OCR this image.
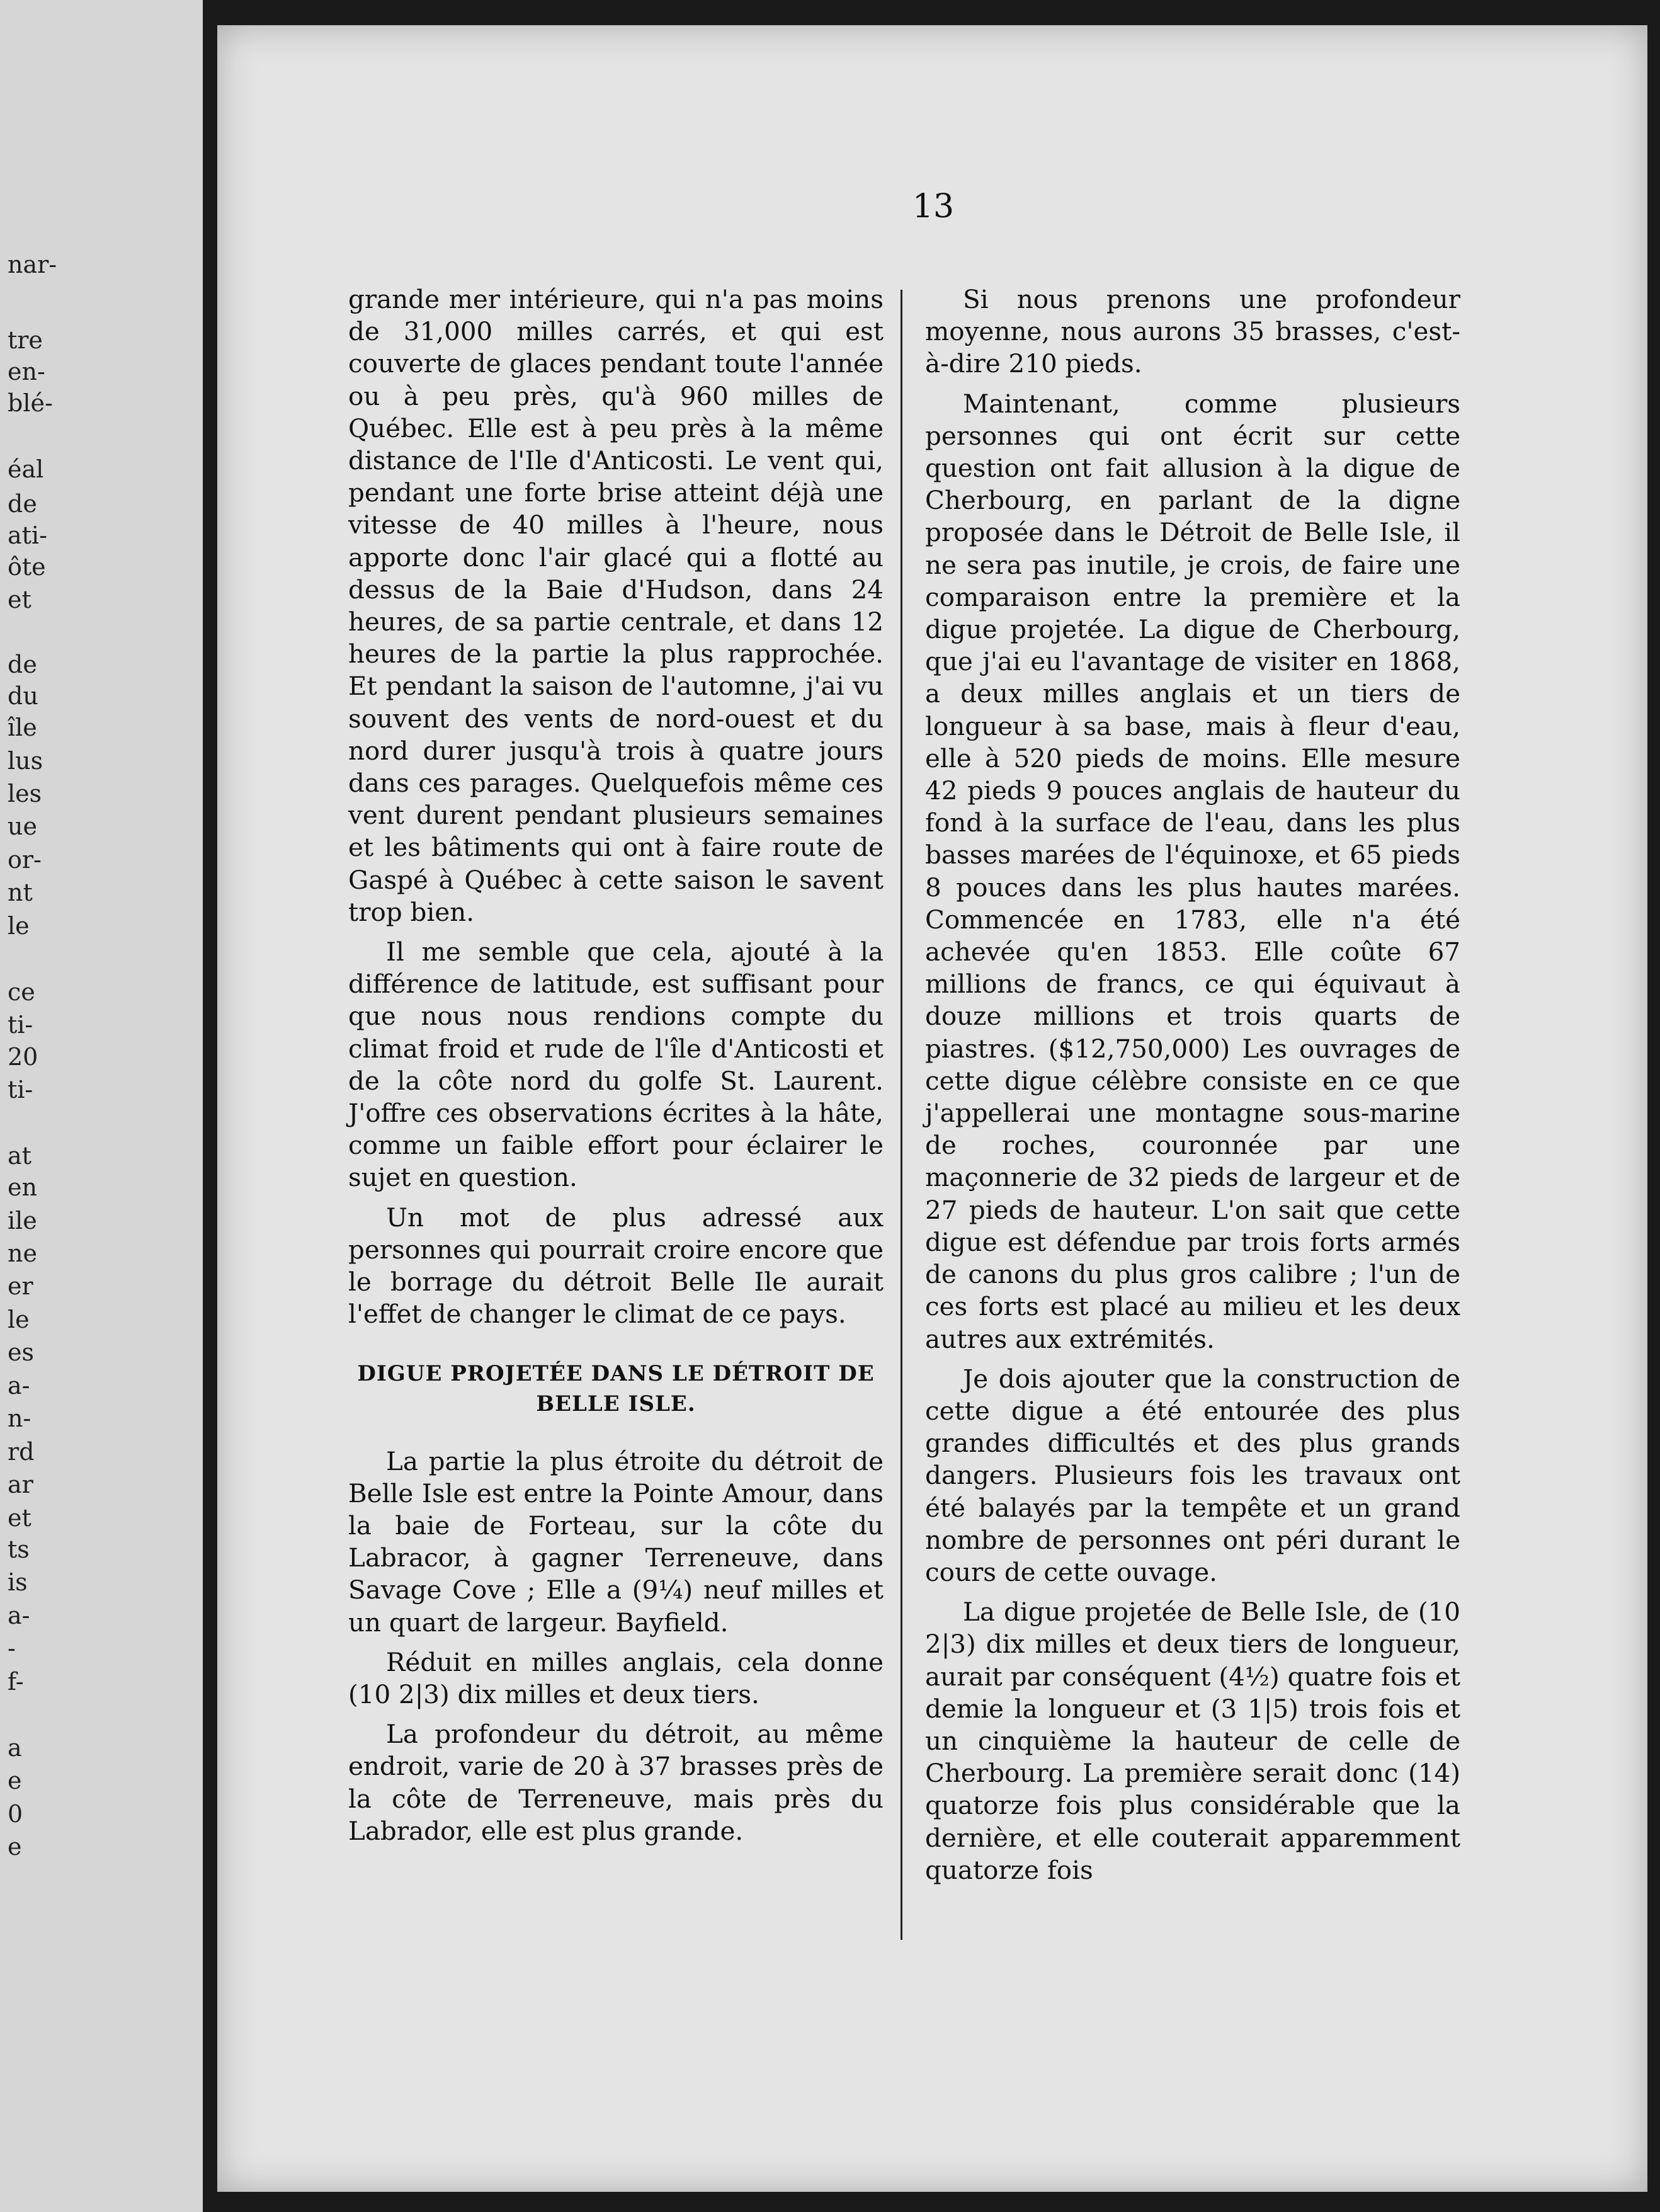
nar-
tre
en-
blé-
éal
de
ati-
ôte
et
de
du
île
lus
les
ue
or-
nt
le
ce
ti-
20
ti-
at
en
ile
ne
er
le
es
a-
n-
rd
ar
et
ts
is
a-
-
f-
a
e
0
e
13

grande mer intérieure, qui n'a pas moins de 31,000 milles carrés, et qui est couverte de glaces pendant toute l'année ou à peu près, qu'à 960 milles de Québec. Elle est à peu près à la même distance de l'Ile d'Anticosti. Le vent qui, pendant une forte brise atteint déjà une vitesse de 40 milles à l'heure, nous apporte donc l'air glacé qui a flotté au dessus de la Baie d'Hudson, dans 24 heures, de sa partie centrale, et dans 12 heures de la partie la plus rapprochée. Et pendant la saison de l'automne, j'ai vu souvent des vents de nord-ouest et du nord durer jusqu'à trois à quatre jours dans ces parages. Quelquefois même ces vent durent pendant plusieurs semaines et les bâtiments qui ont à faire route de Gaspé à Québec à cette saison le savent trop bien.

Il me semble que cela, ajouté à la différence de latitude, est suffisant pour que nous nous rendions compte du climat froid et rude de l'île d'Anticosti et de la côte nord du golfe St. Laurent. J'offre ces observations écrites à la hâte, comme un faible effort pour éclairer le sujet en question.

Un mot de plus adressé aux personnes qui pourrait croire encore que le borrage du détroit Belle Ile aurait l'effet de changer le climat de ce pays.

DIGUE PROJETÉE DANS LE DÉTROIT DE
BELLE ISLE.

La partie la plus étroite du détroit de Belle Isle est entre la Pointe Amour, dans la baie de Forteau, sur la côte du Labracor, à gagner Terreneuve, dans Savage Cove ; Elle a (9¼) neuf milles et un quart de largeur. Bayfield.

Réduit en milles anglais, cela donne (10 2|3) dix milles et deux tiers.

La profondeur du détroit, au même endroit, varie de 20 à 37 brasses près de la côte de Terreneuve, mais près du Labrador, elle est plus grande.

Si nous prenons une profondeur moyenne, nous aurons 35 brasses, c'est-à-dire 210 pieds.

Maintenant, comme plusieurs personnes qui ont écrit sur cette question ont fait allusion à la digue de Cherbourg, en parlant de la digne proposée dans le Détroit de Belle Isle, il ne sera pas inutile, je crois, de faire une comparaison entre la première et la digue projetée. La digue de Cherbourg, que j'ai eu l'avantage de visiter en 1868, a deux milles anglais et un tiers de longueur à sa base, mais à fleur d'eau, elle à 520 pieds de moins. Elle mesure 42 pieds 9 pouces anglais de hauteur du fond à la surface de l'eau, dans les plus basses marées de l'équinoxe, et 65 pieds 8 pouces dans les plus hautes marées. Commencée en 1783, elle n'a été achevée qu'en 1853. Elle coûte 67 millions de francs, ce qui équivaut à douze millions et trois quarts de piastres. ($12,750,000) Les ouvrages de cette digue célèbre consiste en ce que j'appellerai une montagne sous-marine de roches, couronnée par une maçonnerie de 32 pieds de largeur et de 27 pieds de hauteur. L'on sait que cette digue est défendue par trois forts armés de canons du plus gros calibre ; l'un de ces forts est placé au milieu et les deux autres aux extrémités.

Je dois ajouter que la construction de cette digue a été entourée des plus grandes difficultés et des plus grands dangers. Plusieurs fois les travaux ont été balayés par la tempête et un grand nombre de personnes ont péri durant le cours de cette ouvage.

La digue projetée de Belle Isle, de (10 2|3) dix milles et deux tiers de longueur, aurait par conséquent (4½) quatre fois et demie la longueur et (3 1|5) trois fois et un cinquième la hauteur de celle de Cherbourg. La première serait donc (14) quatorze fois plus considérable que la dernière, et elle couterait apparemment quatorze fois
